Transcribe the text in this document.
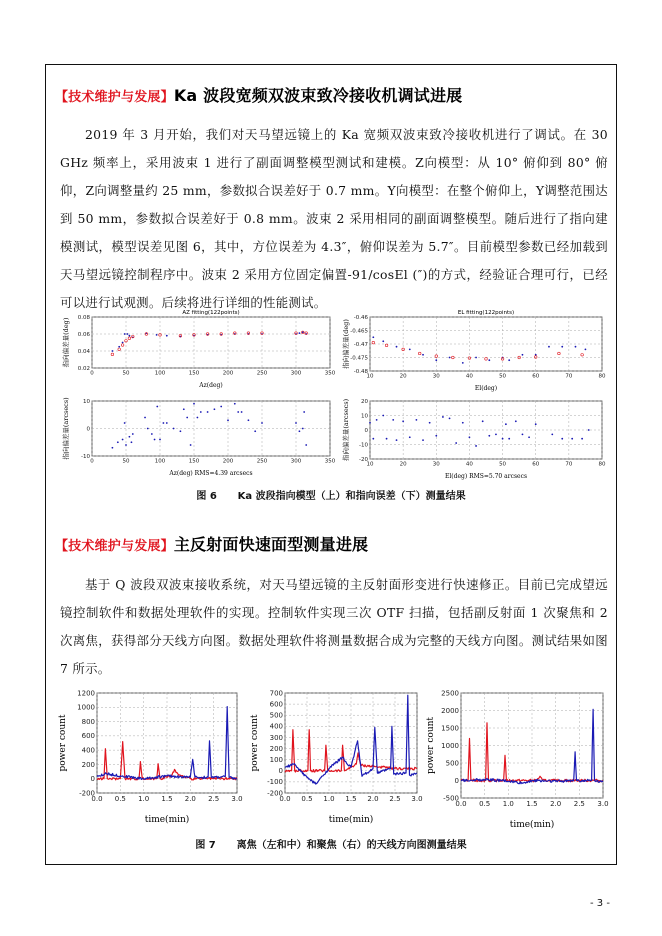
【技术维护与发展】Ka 波段宽频双波束致冷接收机调试进展
2019 年 3 月开始，我们对天马望远镜上的 Ka 宽频双波束致冷接收机进行了调试。在 30 GHz 频率上，采用波束 1 进行了副面调整模型测试和建模。Z向模型：从 10° 俯仰到 80° 俯仰，Z向调整量约 25 mm，参数拟合误差好于 0.7 mm。Y向模型：在整个俯仰上，Y调整范围达到 50 mm，参数拟合误差好于 0.8 mm。波束 2 采用相同的副面调整模型。随后进行了指向建模测试，模型误差见图 6，其中，方位误差为 4.3″，俯仰误差为 5.7″。目前模型参数已经加载到天马望远镜控制程序中。波束 2 采用方位固定偏置-91/cosEl (″)的方式，经验证合理可行，已经可以进行试观测。后续将进行详细的性能测试。
0	50	100	150	200	250	300	350
0.02
0.04
0.06
0.08
AZ fitting(122points)
Az(deg)
指向偏差量(deg)
10	20	30	40	50	60	70	80
-0.46
-0.465
-0.47
-0.475
-0.48
EL fitting(122points)
El(deg)
指向偏差量(deg)
0	50	100	150	200	250	300	350
-10
0
10
Az(deg) RMS=4.39 arcsecs
指向偏差量(arcsecs)
10	20	30	40	50	60	70	80
-20
-10
0
10
20
El(deg) RMS=5.70 arcsecs
指向偏差量(arcsecs)
图 6      Ka 波段指向模型（上）和指向误差（下）测量结果
【技术维护与发展】主反射面快速面型测量进展
基于 Q 波段双波束接收系统，对天马望远镜的主反射面形变进行快速修正。目前已完成望远镜控制软件和数据处理软件的实现。控制软件实现三次 OTF 扫描，包括副反射面 1 次聚焦和 2 次离焦，获得部分天线方向图。数据处理软件将测量数据合成为完整的天线方向图。测试结果如图 7 所示。
0.0 0.5 1.0 1.5 2.0 2.5 3.0
-200
0
200
400
600
800
1000
1200
time(min)
power count
0.0 0.5 1.0 1.5 2.0 2.5 3.0
-200
-100
0
100
200
300
400
500
600
700
time(min)
power count
0.0 0.5 1.0 1.5 2.0 2.5 3.0
-500
0
500
1000
1500
2000
2500
time(min)
power count
图 7      离焦（左和中）和聚焦（右）的天线方向图测量结果
- 3 -
